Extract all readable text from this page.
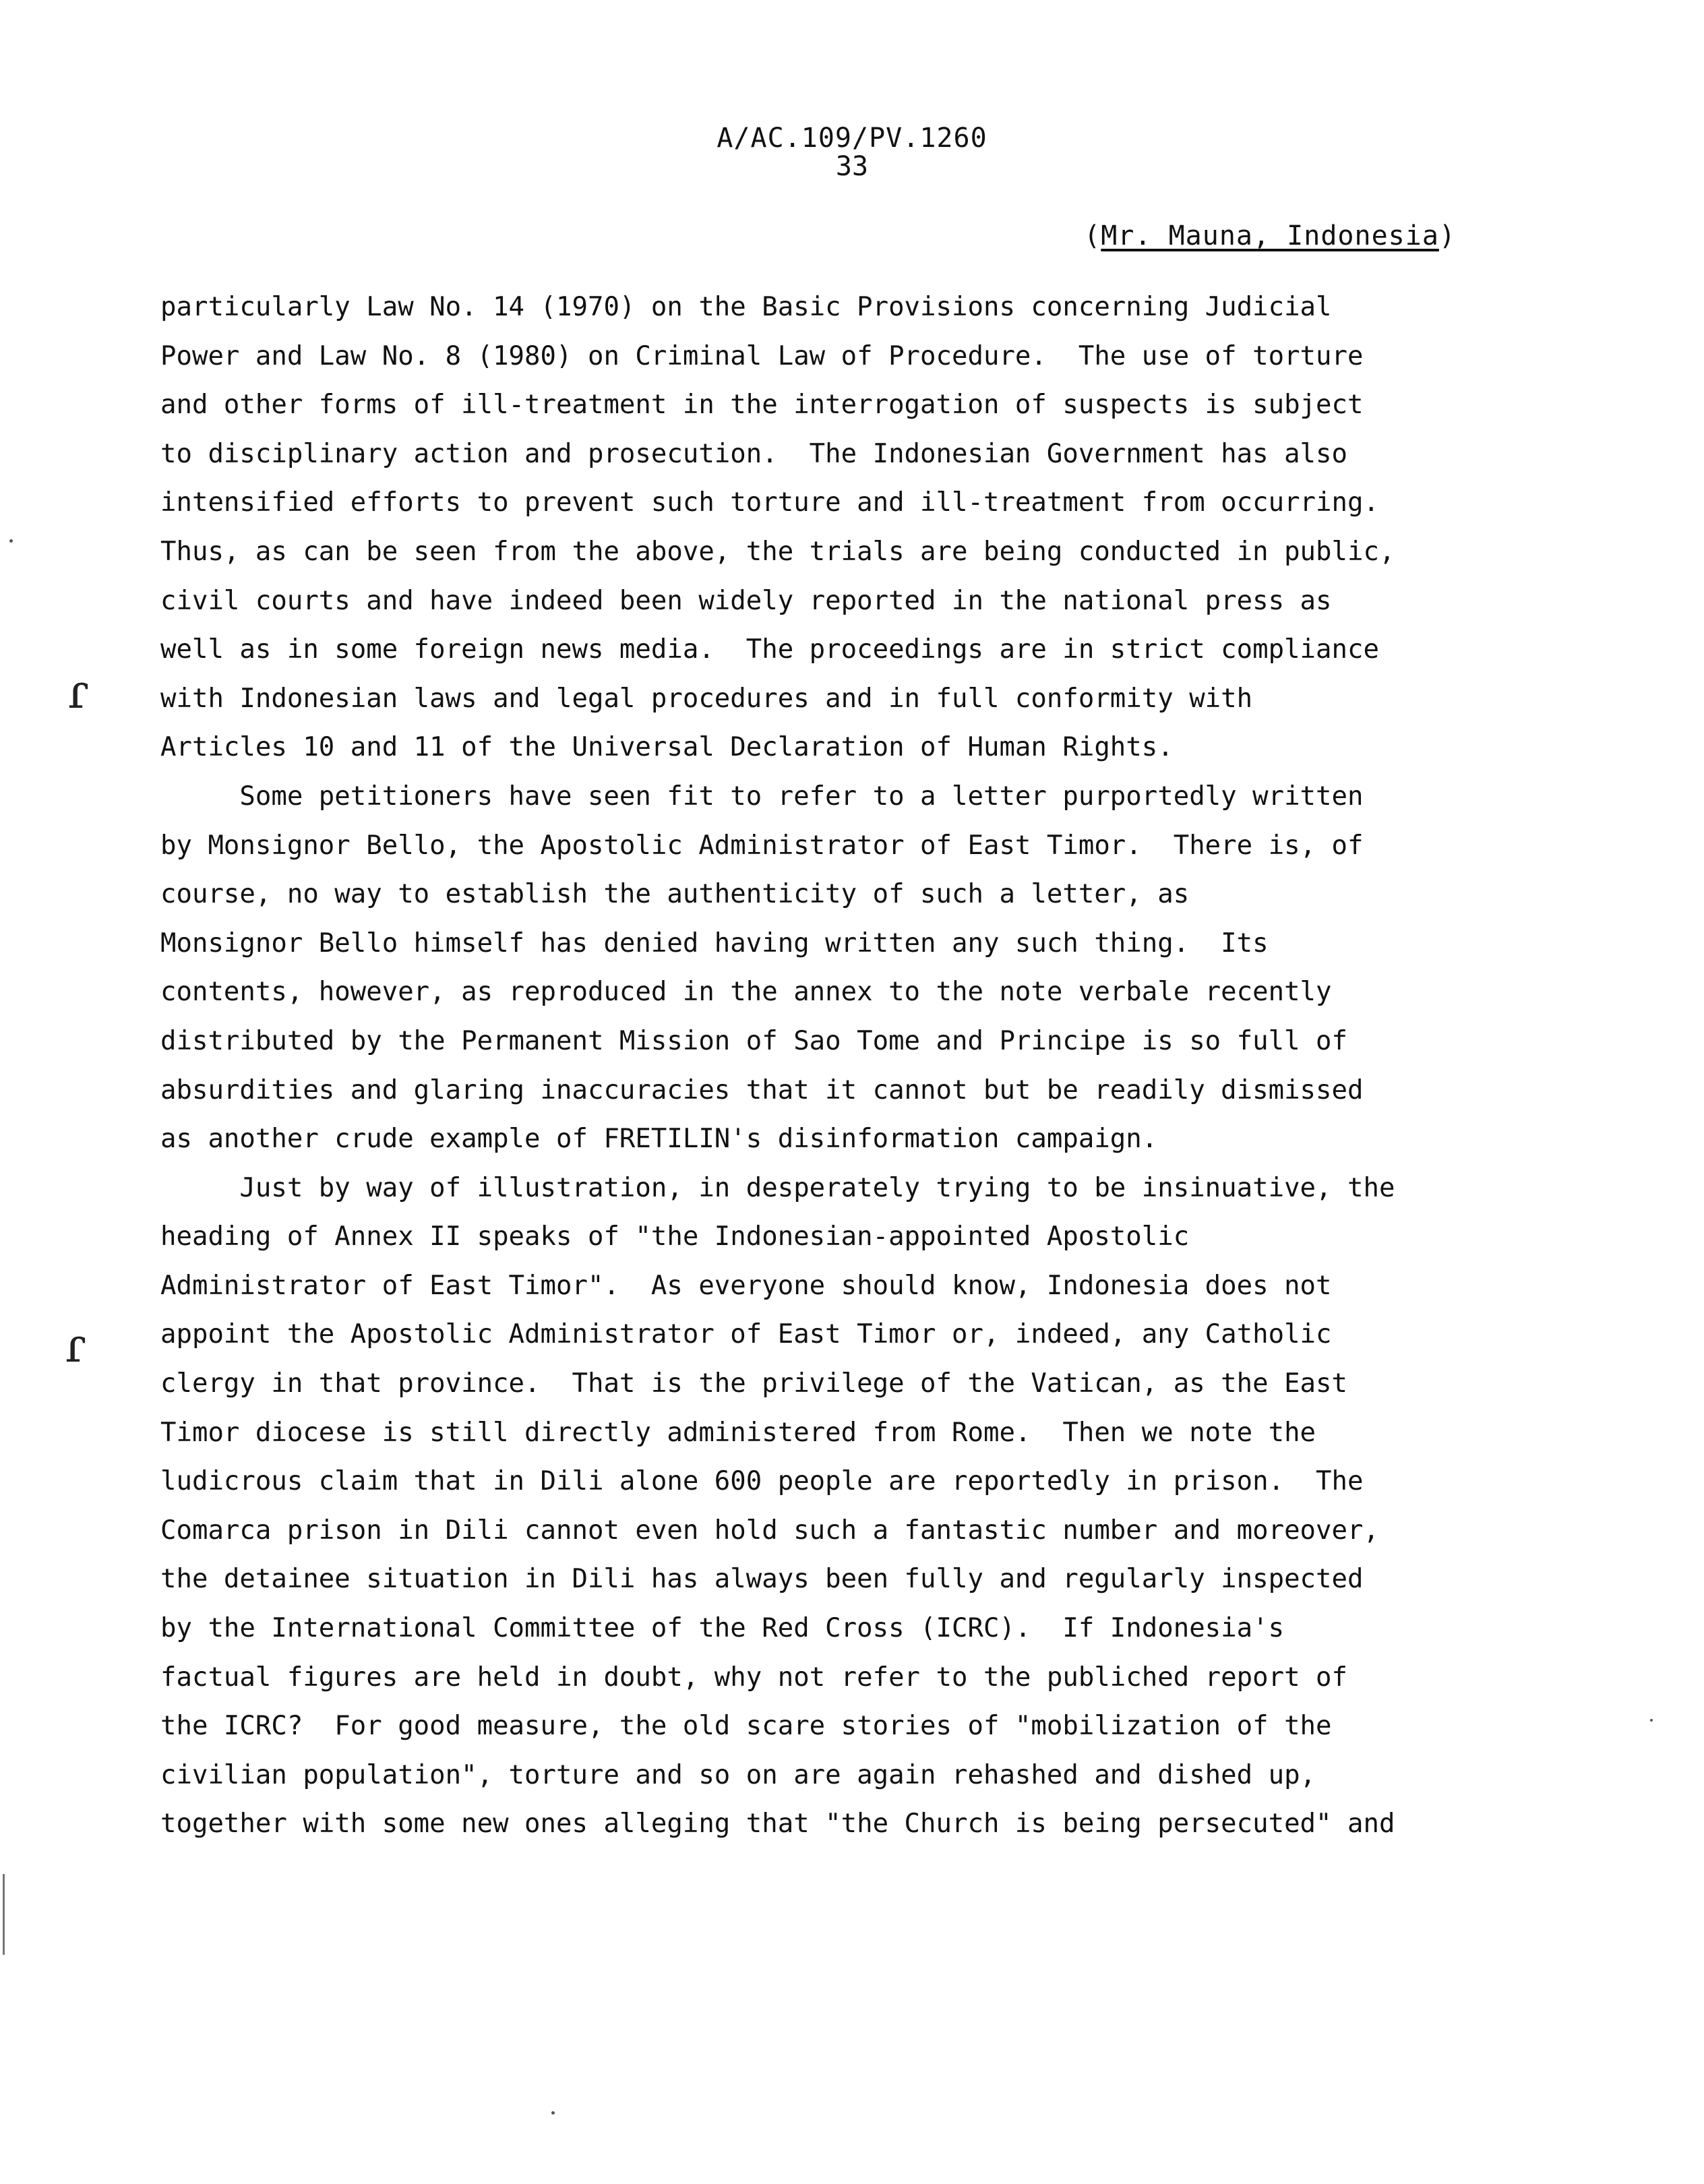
A/AC.109/PV.1260
33
(Mr. Mauna, Indonesia)
particularly Law No. 14 (1970) on the Basic Provisions concerning Judicial
Power and Law No. 8 (1980) on Criminal Law of Procedure.  The use of torture
and other forms of ill-treatment in the interrogation of suspects is subject
to disciplinary action and prosecution.  The Indonesian Government has also
intensified efforts to prevent such torture and ill-treatment from occurring.
Thus, as can be seen from the above, the trials are being conducted in public,
civil courts and have indeed been widely reported in the national press as
well as in some foreign news media.  The proceedings are in strict compliance
with Indonesian laws and legal procedures and in full conformity with
Articles 10 and 11 of the Universal Declaration of Human Rights.
Some petitioners have seen fit to refer to a letter purportedly written
by Monsignor Bello, the Apostolic Administrator of East Timor.  There is, of
course, no way to establish the authenticity of such a letter, as
Monsignor Bello himself has denied having written any such thing.  Its
contents, however, as reproduced in the annex to the note verbale recently
distributed by the Permanent Mission of Sao Tome and Principe is so full of
absurdities and glaring inaccuracies that it cannot but be readily dismissed
as another crude example of FRETILIN's disinformation campaign.
Just by way of illustration, in desperately trying to be insinuative, the
heading of Annex II speaks of "the Indonesian-appointed Apostolic
Administrator of East Timor".  As everyone should know, Indonesia does not
appoint the Apostolic Administrator of East Timor or, indeed, any Catholic
clergy in that province.  That is the privilege of the Vatican, as the East
Timor diocese is still directly administered from Rome.  Then we note the
ludicrous claim that in Dili alone 600 people are reportedly in prison.  The
Comarca prison in Dili cannot even hold such a fantastic number and moreover,
the detainee situation in Dili has always been fully and regularly inspected
by the International Committee of the Red Cross (ICRC).  If Indonesia's
factual figures are held in doubt, why not refer to the publiched report of
the ICRC?  For good measure, the old scare stories of "mobilization of the
civilian population", torture and so on are again rehashed and dished up,
together with some new ones alleging that "the Church is being persecuted" and
ɾ
ɾ
